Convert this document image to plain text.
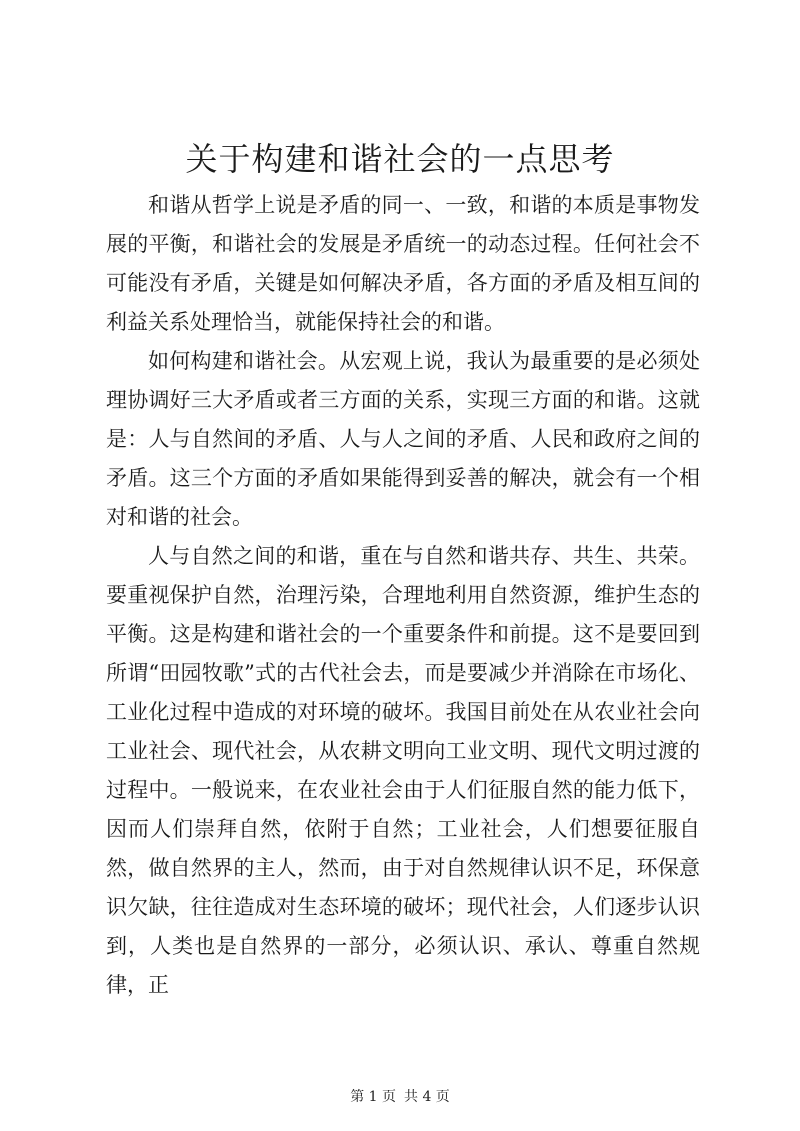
关于构建和谐社会的一点思考

和谐从哲学上说是矛盾的同一、一致，和谐的本质是事物发展的平衡，和谐社会的发展是矛盾统一的动态过程。任何社会不可能没有矛盾，关键是如何解决矛盾，各方面的矛盾及相互间的利益关系处理恰当，就能保持社会的和谐。

如何构建和谐社会。从宏观上说，我认为最重要的是必须处理协调好三大矛盾或者三方面的关系，实现三方面的和谐。这就是：人与自然间的矛盾、人与人之间的矛盾、人民和政府之间的矛盾。这三个方面的矛盾如果能得到妥善的解决，就会有一个相对和谐的社会。

人与自然之间的和谐，重在与自然和谐共存、共生、共荣。要重视保护自然，治理污染，合理地利用自然资源，维护生态的平衡。这是构建和谐社会的一个重要条件和前提。这不是要回到所谓“田园牧歌”式的古代社会去，而是要减少并消除在市场化、工业化过程中造成的对环境的破坏。我国目前处在从农业社会向工业社会、现代社会，从农耕文明向工业文明、现代文明过渡的过程中。一般说来，在农业社会由于人们征服自然的能力低下，因而人们崇拜自然，依附于自然；工业社会，人们想要征服自然，做自然界的主人，然而，由于对自然规律认识不足，环保意识欠缺，往往造成对生态环境的破坏；现代社会，人们逐步认识到，人类也是自然界的一部分，必须认识、承认、尊重自然规律，正

第 1 页 共 4 页
